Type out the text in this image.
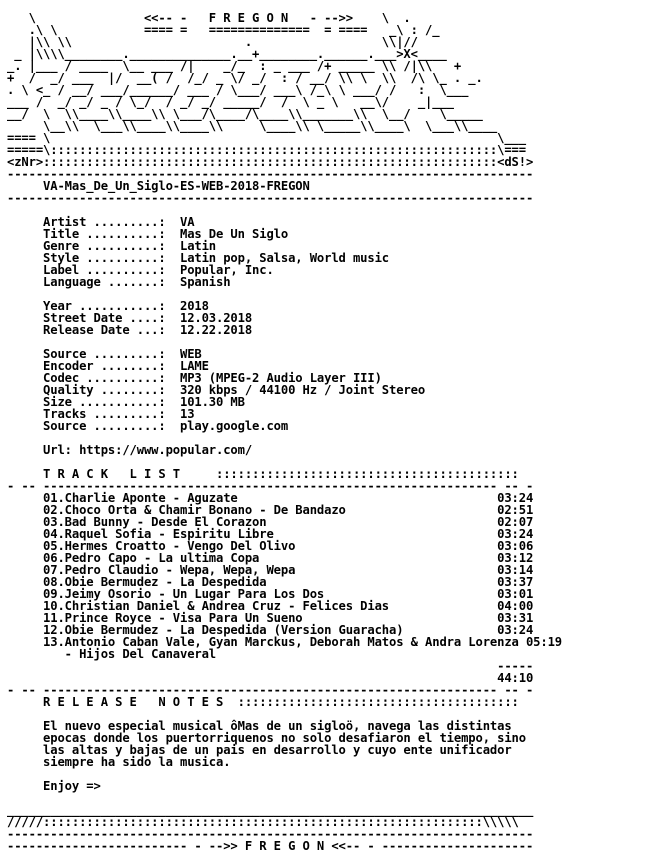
\               <<-- -   F R E G O N   - -->>    \  .
.\ \            ==== =   ==============  = ====   _\ : /_
|\\ \\                        .                  \\|//
_ |\\\\________.______________.__+________.______.___>X<____
_. |___ / ____  \__ ___ /|    _/_  : _ ___ /+ _____ \\ /|\\   +
+  /  _/ ___  |/  __( /  /_/ _ \/ _/  : / __/ \\ \  \\  /\ \_ . _.
. \ <_ / __/ ___/______/ ___ / \___/ ___\ /_\ \ ___/ /   :  \___
___ /  _/ _/ _ / \_/  / _/ _/ _____/  /  \ _ \   __\/    _|___
__/  \  \\____\\____\\ \___/\____/\____\\_______\\  \__/    \_____
\__\\  \___\\____\\____\\     \____\\ \_____\\____\  \___\\____
==== \                                                              \___
=====\::::::::::::::::::::::::::::::::::::::::::::::::::::::::::::::\===
<zNr>:::::::::::::::::::::::::::::::::::::::::::::::::::::::::::::::<dS!>
-------------------------------------------------------------------------
VA-Mas_De_Un_Siglo-ES-WEB-2018-FREGON
-------------------------------------------------------------------------

Artist .........:  VA
Title ..........:  Mas De Un Siglo
Genre ..........:  Latin
Style ..........:  Latin pop, Salsa, World music
Label ..........:  Popular, Inc.
Language .......:  Spanish

Year ...........:  2018
Street Date ....:  12.03.2018
Release Date ...:  12.22.2018

Source .........:  WEB
Encoder ........:  LAME
Codec ..........:  MP3 (MPEG-2 Audio Layer III)
Quality ........:  320 kbps / 44100 Hz / Joint Stereo
Size ...........:  101.30 MB
Tracks .........:  13
Source .........:  play.google.com

Url: https://www.popular.com/

T R A C K   L I S T     ::::::::::::::::::::::::::::::::::::::::::
- -- --------------------------------------------------------------- -- -
01.Charlie Aponte - Aguzate                                    03:24
02.Choco Orta & Chamir Bonano - De Bandazo                     02:51
03.Bad Bunny - Desde El Corazon                                02:07
04.Raquel Sofia - Espiritu Libre                               03:24
05.Hermes Croatto - Vengo Del Olivo                            03:06
06.Pedro Capo - La ultima Copa                                 03:12
07.Pedro Claudio - Wepa, Wepa, Wepa                            03:14
08.Obie Bermudez - La Despedida                                03:37
09.Jeimy Osorio - Un Lugar Para Los Dos                        03:01
10.Christian Daniel & Andrea Cruz - Felices Dias               04:00
11.Prince Royce - Visa Para Un Sueno                           03:31
12.Obie Bermudez - La Despedida (Version Guaracha)             03:24
13.Antonio Caban Vale, Gyan Marckus, Deborah Matos & Andra Lorenza 05:19
- Hijos Del Canaveral
-----
44:10
- -- --------------------------------------------------------------- -- -
R E L E A S E   N O T E S  :::::::::::::::::::::::::::::::::::::::

El nuevo especial musical ôMas de un sigloö, navega las distintas
epocas donde los puertorriquenos no solo desafiaron el tiempo, sino
las altas y bajas de un pais en desarrollo y cuyo ente unificador
siempre ha sido la musica.

Enjoy =>

_________________________________________________________________________
/////:::::::::::::::::::::::::::::::::::::::::::::::::::::::::::::\\\\\
-------------------------------------------------------------------------
------------------------- - -->> F R E G O N <<-- - ---------------------
